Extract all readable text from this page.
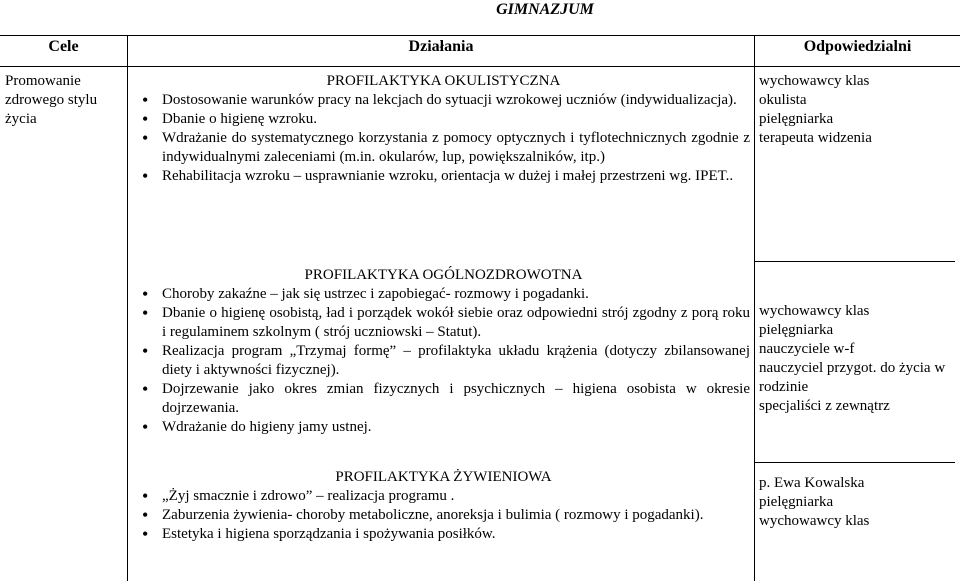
GIMNAZJUM
Cele	Działania	Odpowiedzialni
Promowanie zdrowego stylu życia
PROFILAKTYKA OKULISTYCZNA
• Dostosowanie warunków pracy na lekcjach do sytuacji wzrokowej uczniów (indywidualizacja).
• Dbanie o higienę wzroku.
• Wdrażanie do systematycznego korzystania z pomocy optycznych i tyflotechnicznych zgodnie z indywidualnymi zaleceniami (m.in. okularów, lup, powiększalników, itp.)
• Rehabilitacja wzroku – usprawnianie wzroku, orientacja w dużej i małej przestrzeni wg. IPET..
wychowawcy klas
okulista
pielęgniarka
terapeuta widzenia
PROFILAKTYKA OGÓLNOZDROWOTNA
• Choroby zakaźne – jak się ustrzec i zapobiegać- rozmowy i pogadanki.
• Dbanie o higienę osobistą, ład i porządek wokół siebie oraz odpowiedni strój zgodny z porą roku i regulaminem szkolnym ( strój uczniowski – Statut).
• Realizacja program „Trzymaj formę” – profilaktyka układu krążenia (dotyczy zbilansowanej diety i aktywności fizycznej).
• Dojrzewanie jako okres zmian fizycznych i psychicznych – higiena osobista w okresie dojrzewania.
• Wdrażanie do higieny jamy ustnej.
wychowawcy klas
pielęgniarka
nauczyciele w-f
nauczyciel przygot. do życia w rodzinie
specjaliści z zewnątrz
PROFILAKTYKA ŻYWIENIOWA
• „Żyj smacznie i zdrowo” – realizacja programu .
• Zaburzenia żywienia- choroby metaboliczne, anoreksja i bulimia ( rozmowy i pogadanki).
• Estetyka i higiena sporządzania i spożywania posiłków.
p. Ewa Kowalska
pielęgniarka
wychowawcy klas
